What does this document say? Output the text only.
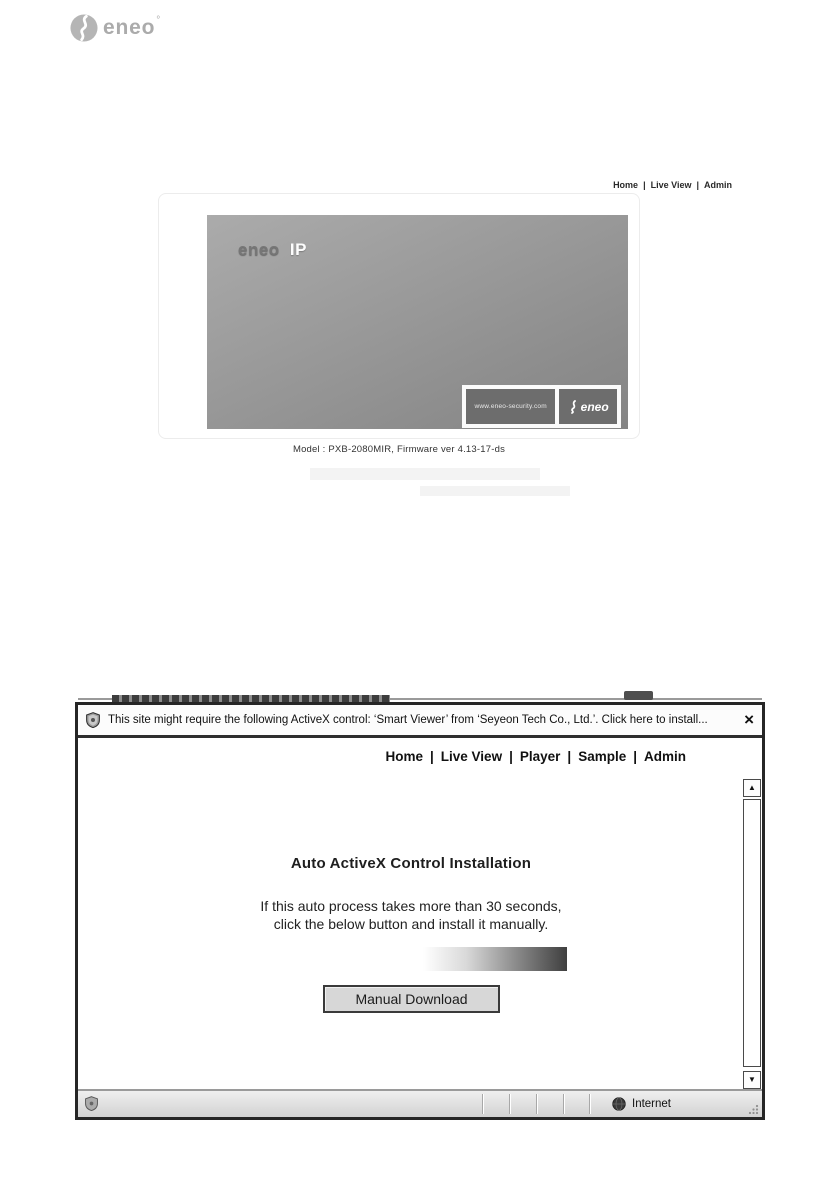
eneo °
Home | Live View | Admin
eneo IP
www.eneo-security.com	eneo
Model : PXB-2080MIR, Firmware ver 4.13-17-ds
This site might require the following ActiveX control: ‘Smart Viewer’ from ‘Seyeon Tech Co., Ltd.’. Click here to install...	×
Home | Live View | Player | Sample | Admin
Auto ActiveX Control Installation
If this auto process takes more than 30 seconds,
click the below button and install it manually.
Manual Download
▲
▼
Internet
